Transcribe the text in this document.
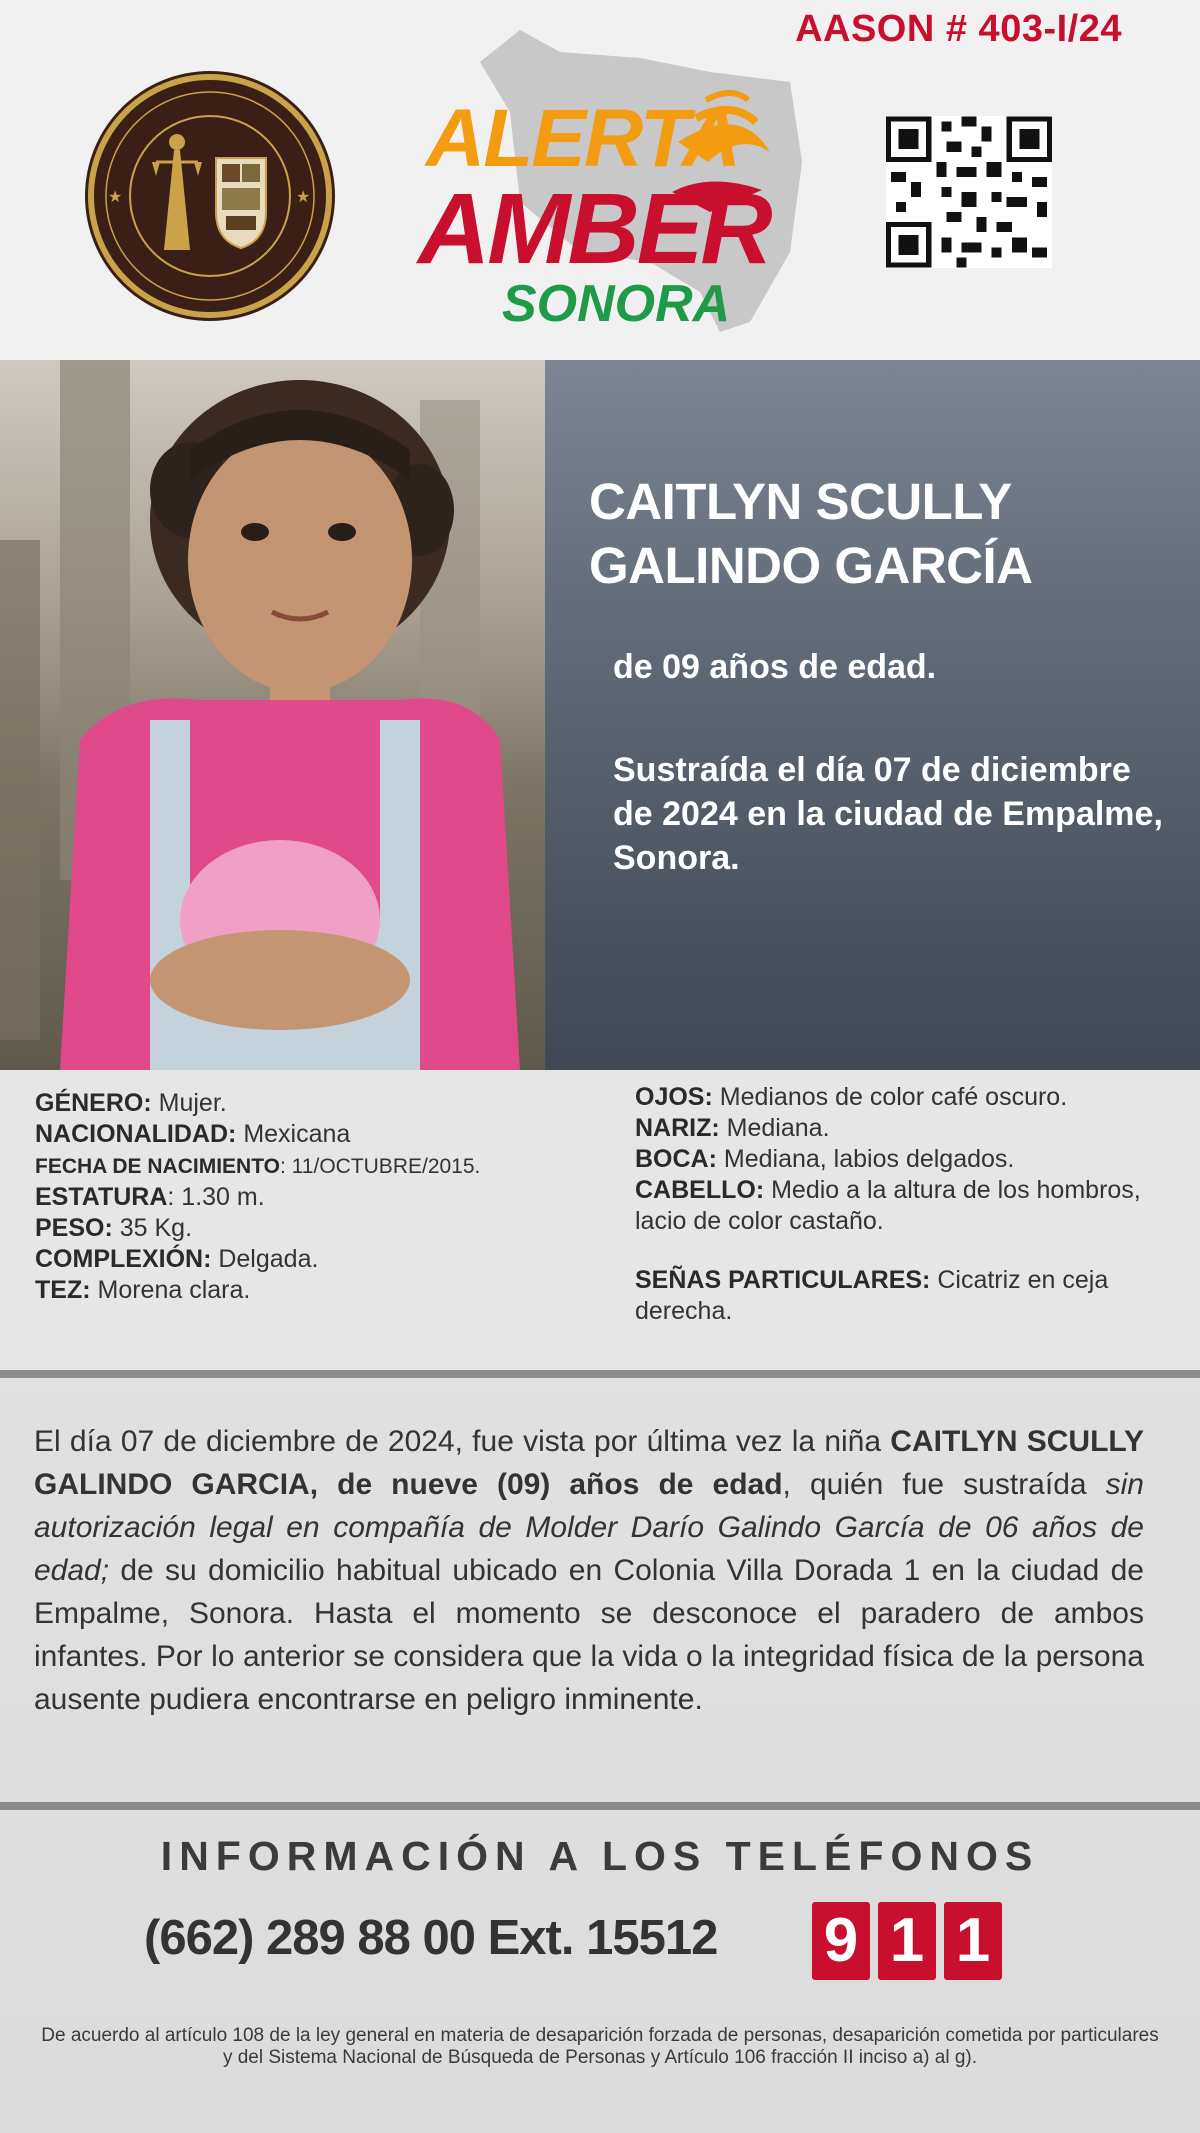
AASON # 403-I/24
★	★
ALERTA
AMBER
SONORA
CAITLYN SCULLY GALINDO GARCÍA
de 09 años de edad.
Sustraída el día 07 de diciembre de 2024 en la ciudad de Empalme, Sonora.
GÉNERO: Mujer.
NACIONALIDAD: Mexicana
FECHA DE NACIMIENTO: 11/OCTUBRE/2015.
ESTATURA: 1.30 m.
PESO: 35 Kg.
COMPLEXIÓN: Delgada.
TEZ: Morena clara.
OJOS: Medianos de color café oscuro.
NARIZ: Mediana.
BOCA: Mediana, labios delgados.
CABELLO: Medio a la altura de los hombros, lacio de color castaño.
SEÑAS PARTICULARES: Cicatriz en ceja derecha.
El día 07 de diciembre de 2024, fue vista por última vez la niña CAITLYN SCULLY GALINDO GARCIA, de nueve (09) años de edad, quién fue sustraída sin autorización legal en compañía de Molder Darío Galindo García de 06 años de edad; de su domicilio habitual ubicado en Colonia Villa Dorada 1 en la ciudad de Empalme, Sonora. Hasta el momento se desconoce el paradero de ambos infantes. Por lo anterior se considera que la vida o la integridad física de la persona ausente pudiera encontrarse en peligro inminente.
INFORMACIÓN A LOS TELÉFONOS
(662) 289 88 00 Ext. 15512 9 1 1
De acuerdo al artículo 108 de la ley general en materia de desaparición forzada de personas, desaparición cometida por particulares y del Sistema Nacional de Búsqueda de Personas y Artículo 106 fracción II inciso a) al g).
